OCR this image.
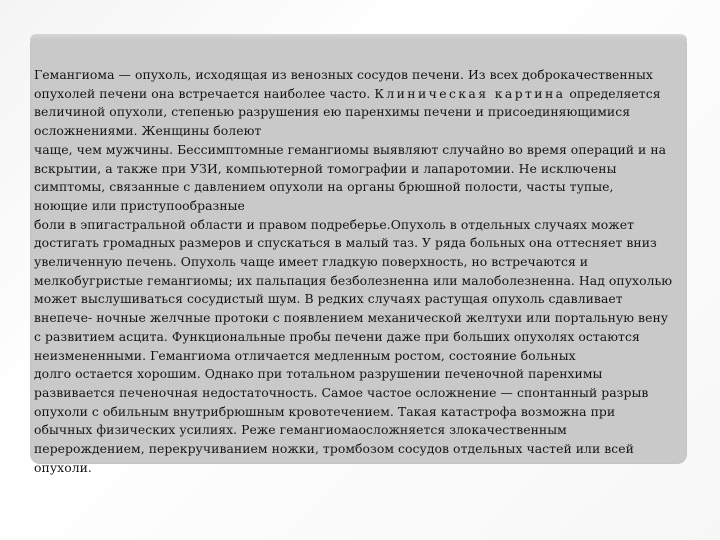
Гемангиома — опухоль, исходящая из венозных сосудов печени. Из всех доброкачественных
опухолей печени она встречается наиболее часто. Клиническая картина определяется
величиной опухоли, степенью разрушения ею паренхимы печени и присоединяющимися
осложнениями. Женщины болеют
чаще, чем мужчины. Бессимптомные гемангиомы выявляют случайно во время операций и на
вскрытии, а также при УЗИ, компьютерной томографии и лапаротомии. Не исключены
симптомы, связанные с давлением опухоли на органы брюшной полости, часты тупые,
ноющие или приступообразные
боли в эпигастральной области и правом подреберье.Опухоль в отдельных случаях может
достигать громадных размеров и спускаться в малый таз. У ряда больных она оттесняет вниз
увеличенную печень. Опухоль чаще имеет гладкую поверхность, но встречаются и
мелкобугристые гемангиомы; их пальпация безболезненна или малоболезненна. Над опухолью
может выслушиваться сосудистый шум. В редких случаях растущая опухоль сдавливает
внепече- ночные желчные протоки с появлением механической желтухи или портальную вену
с развитием асцита. Функциональные пробы печени даже при больших опухолях остаются
неизмененными. Гемангиома отличается медленным ростом, состояние больных
долго остается хорошим. Однако при тотальном разрушении печеночной паренхимы
развивается печеночная недостаточность. Самое частое осложнение — спонтанный разрыв
опухоли с обильным внутрибрюшным кровотечением. Такая катастрофа возможна при
обычных физических усилиях. Реже гемангиомаосложняется злокачественным
перерождением, перекручиванием ножки, тромбозом сосудов отдельных частей или всей
опухоли.
